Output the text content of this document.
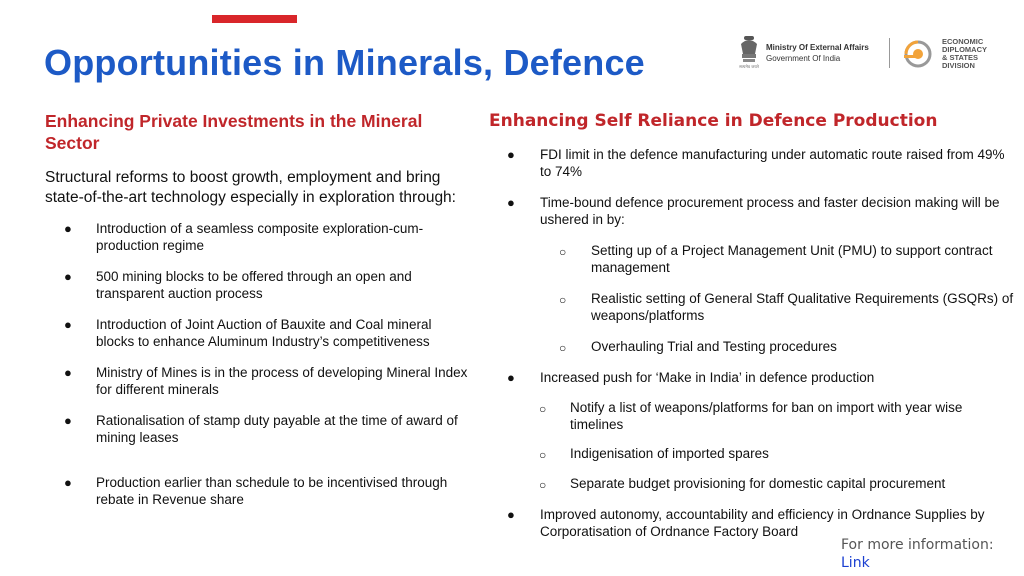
Opportunities in Minerals, Defence	सत्यमेव जयते
Ministry Of External Affairs
Government Of India
ECONOMIC
DIPLOMACY
& STATES
DIVISION
Enhancing Private Investments in the Mineral Sector

Structural reforms to boost growth, employment and bring state-of-the-art technology especially in exploration through:

● Introduction of a seamless composite exploration-cum-production regime
● 500 mining blocks to be offered through an open and transparent auction process
● Introduction of Joint Auction of Bauxite and Coal mineral blocks to enhance Aluminum Industry’s competitiveness
● Ministry of Mines is in the process of developing Mineral Index for different minerals
● Rationalisation of stamp duty payable at the time of award of mining leases
● Production earlier than schedule to be incentivised through rebate in Revenue share
Enhancing Self Reliance in Defence Production
● FDI limit in the defence manufacturing under automatic route raised from 49% to 74%
● Time-bound defence procurement process and faster decision making will be ushered in by:
○ Setting up of a Project Management Unit (PMU) to support contract management
○ Realistic setting of General Staff Qualitative Requirements (GSQRs) of weapons/platforms
○ Overhauling Trial and Testing procedures
● Increased push for ‘Make in India’ in defence production
○ Notify a list of weapons/platforms for ban on import with year wise timelines
○ Indigenisation of imported spares
○ Separate budget provisioning for domestic capital procurement
● Improved autonomy, accountability and efficiency in Ordnance Supplies by Corporatisation of Ordnance Factory Board
For more information:
Link
